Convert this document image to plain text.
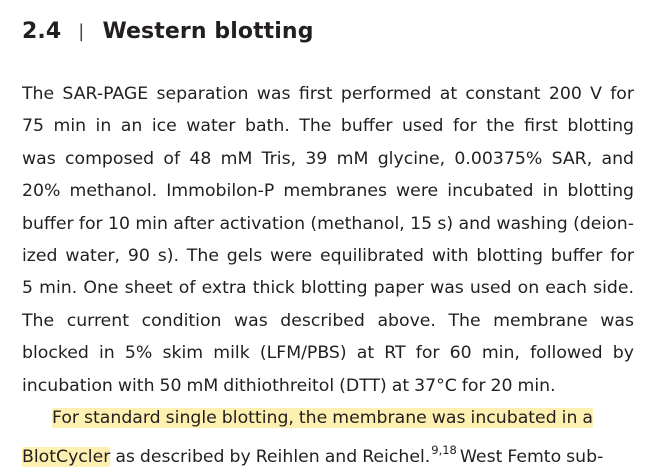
2.4 | Western blotting
The SAR-PAGE separation was first performed at constant 200 V for
75 min in an ice water bath. The buffer used for the first blotting
was composed of 48 mM Tris, 39 mM glycine, 0.00375% SAR, and
20% methanol. Immobilon-P membranes were incubated in blotting
buffer for 10 min after activation (methanol, 15 s) and washing (deion-
ized water, 90 s). The gels were equilibrated with blotting buffer for
5 min. One sheet of extra thick blotting paper was used on each side.
The current condition was described above. The membrane was
blocked in 5% skim milk (LFM/PBS) at RT for 60 min, followed by
incubation with 50 mM dithiothreitol (DTT) at 37°C for 20 min.
For standard single blotting, the membrane was incubated in a
BlotCycler as described by Reihlen and Reichel.$^{9,18}$ West Femto sub-
